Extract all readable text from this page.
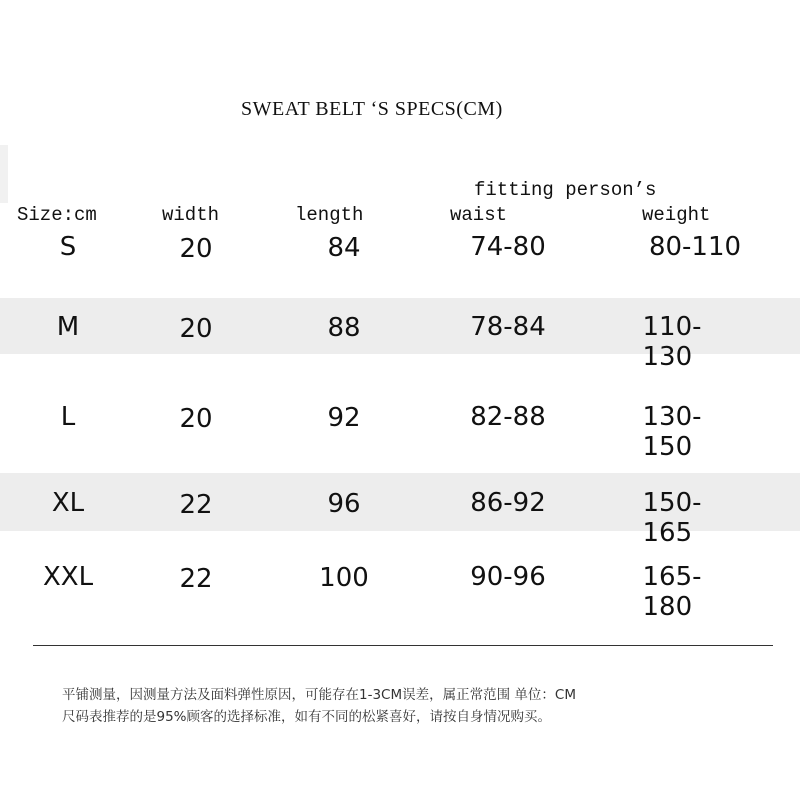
SWEAT BELT ‘S SPECS(CM)
fitting person’s
Size:cm	width	length	waist	weight
S	20	84	74-80	80-110
M	20	88	78-84	110-130
L	20	92	82-88	130-150
XL	22	96	86-92	150-165
XXL	22	100	90-96	165-180
平铺测量，因测量方法及面料弹性原因，可能存在1-3CM误差，属正常范围 单位：CM
尺码表推荐的是95%顾客的选择标准，如有不同的松紧喜好，请按自身情况购买。
